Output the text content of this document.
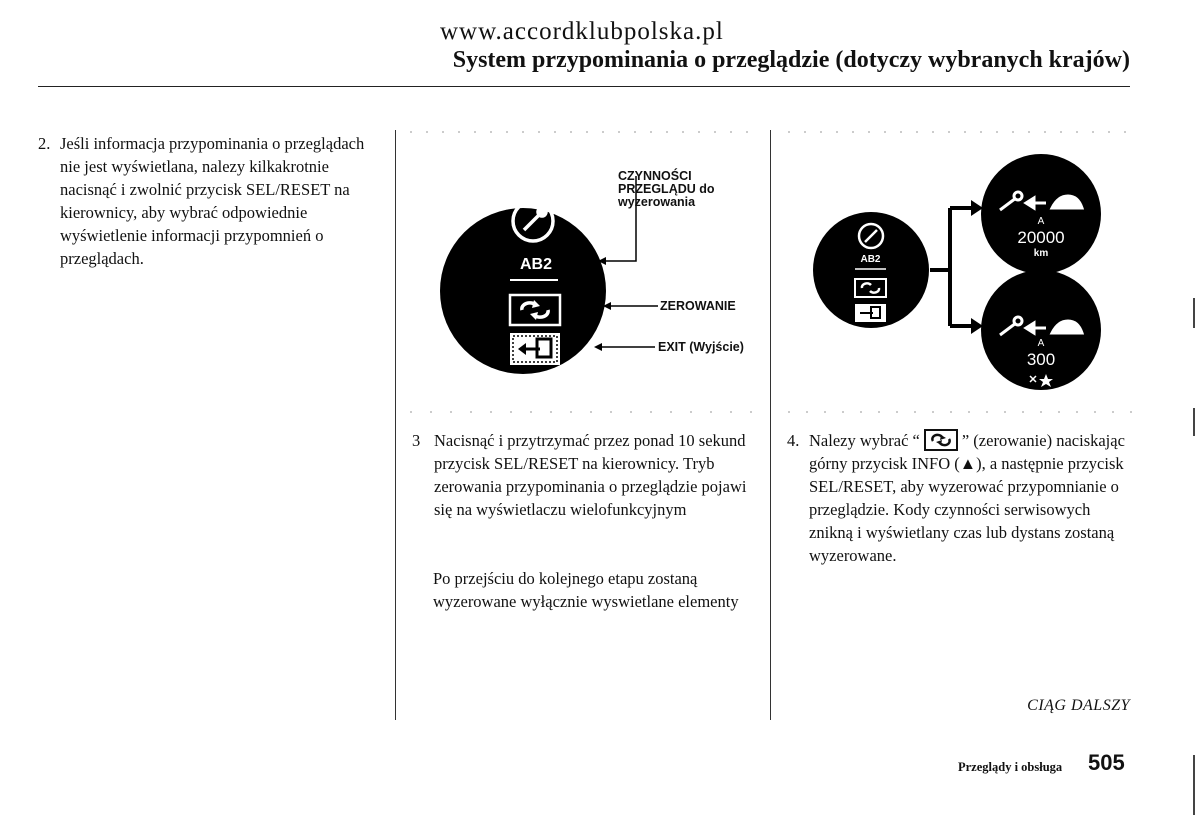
www.accordklubpolska.pl
System przypominania o przeglądzie (dotyczy wybranych krajów)
2. Jeśli informacja przypominania o przeglądach nie jest wyświetlana, nalezy kilkakrotnie nacisnąć i zwolnić przycisk SEL/RESET na kierownicy, aby wybrać odpowiednie wyświetlenie informacji przypomnień o przeglądach.	AB2
CZYNNOŚCI PRZEGLĄDU do wyzerowania
ZEROWANIE
EXIT (Wyjście)
AB2
A
20000
km
A
300
3 Nacisnąć i przytrzymać przez ponad 10 sekund przycisk SEL/RESET na kierownicy. Tryb zerowania przypominania o przeglądzie pojawi się na wyświetlaczu wielofunkcyjnym
Po przejściu do kolejnego etapu zostaną wyzerowane wyłącznie wyswietlane elementy
4. Nalezy wybrać “	” (zerowanie) naciskając górny przycisk INFO (▲), a następnie przycisk SEL/RESET, aby wyzerować przypomnianie o przeglądzie. Kody czynności serwisowych znikną i wyświetlany czas lub dystans zostaną wyzerowane.
CIĄG DALSZY
Przeglądy i obsługa 505
